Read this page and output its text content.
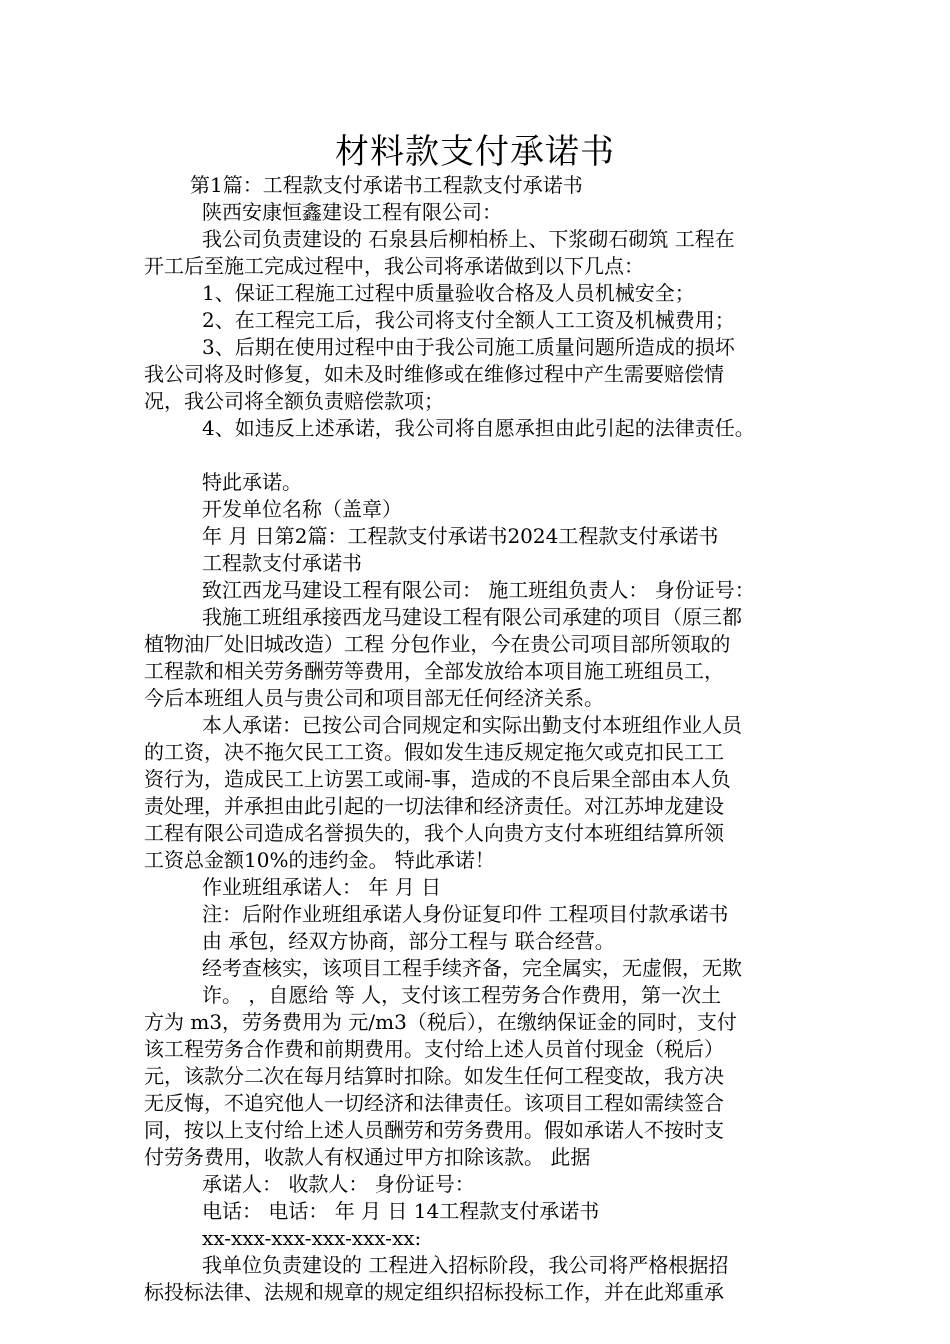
材料款支付承诺书

第1篇：工程款支付承诺书工程款支付承诺书

陕西安康恒鑫建设工程有限公司：

我公司负责建设的 石泉县后柳柏桥上、下浆砌石砌筑 工程在

开工后至施工完成过程中，我公司将承诺做到以下几点：

1、保证工程施工过程中质量验收合格及人员机械安全；

2、在工程完工后，我公司将支付全额人工工资及机械费用；

3、后期在使用过程中由于我公司施工质量问题所造成的损坏

我公司将及时修复，如未及时维修或在维修过程中产生需要赔偿情

况，我公司将全额负责赔偿款项；

4、如违反上述承诺，我公司将自愿承担由此引起的法律责任。

特此承诺。

开发单位名称（盖章）

年 月 日第2篇：工程款支付承诺书2024工程款支付承诺书

工程款支付承诺书

致江西龙马建设工程有限公司： 施工班组负责人： 身份证号：

我施工班组承接西龙马建设工程有限公司承建的项目（原三都

植物油厂处旧城改造）工程 分包作业，今在贵公司项目部所领取的

工程款和相关劳务酬劳等费用，全部发放给本项目施工班组员工，

今后本班组人员与贵公司和项目部无任何经济关系。

本人承诺：已按公司合同规定和实际出勤支付本班组作业人员

的工资，决不拖欠民工工资。假如发生违反规定拖欠或克扣民工工

资行为，造成民工上访罢工或闹-事，造成的不良后果全部由本人负

责处理，并承担由此引起的一切法律和经济责任。对江苏坤龙建设

工程有限公司造成名誉损失的，我个人向贵方支付本班组结算所领

工资总金额10%的违约金。 特此承诺！

作业班组承诺人： 年 月 日

注：后附作业班组承诺人身份证复印件 工程项目付款承诺书

由 承包，经双方协商，部分工程与 联合经营。

经考查核实，该项目工程手续齐备，完全属实，无虚假，无欺

诈。 ，自愿给 等 人，支付该工程劳务合作费用，第一次土

方为 m3，劳务费用为 元/m3（税后），在缴纳保证金的同时，支付

该工程劳务合作费和前期费用。支付给上述人员首付现金（税后）

元，该款分二次在每月结算时扣除。如发生任何工程变故，我方决

无反悔，不追究他人一切经济和法律责任。该项目工程如需续签合

同，按以上支付给上述人员酬劳和劳务费用。假如承诺人不按时支

付劳务费用，收款人有权通过甲方扣除该款。 此据

承诺人： 收款人： 身份证号：

电话： 电话： 年 月 日 14工程款支付承诺书

xx-xxx-xxx-xxx-xxx-xx:

我单位负责建设的 工程进入招标阶段，我公司将严格根据招

标投标法律、法规和规章的规定组织招标投标工作，并在此郑重承
